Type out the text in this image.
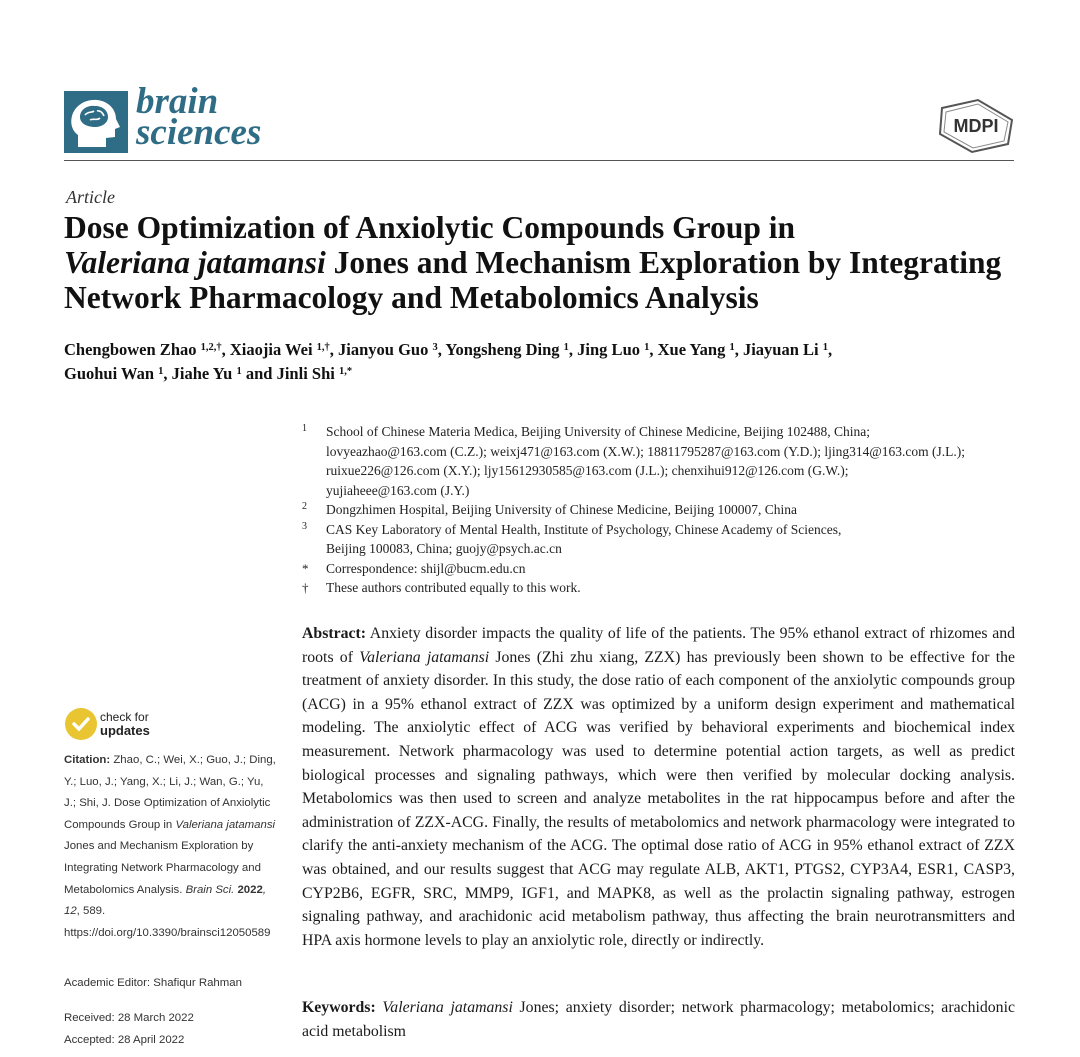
brain
sciences	MDPI
Article
Dose Optimization of Anxiolytic Compounds Group in
Valeriana jatamansi Jones and Mechanism Exploration by Integrating Network Pharmacology and Metabolomics Analysis
Chengbowen Zhao $^{1,2,\dagger}$, Xiaojia Wei $^{1,\dagger}$, Jianyou Guo $^3$, Yongsheng Ding $^1$, Jing Luo $^1$, Xue Yang $^1$, Jiayuan Li $^1$,
Guohui Wan $^1$, Jiahe Yu $^1$ and Jinli Shi $^{1,*}$
1 School of Chinese Materia Medica, Beijing University of Chinese Medicine, Beijing 102488, China;
lovyeazhao@163.com (C.Z.); weixj471@163.com (X.W.); 18811795287@163.com (Y.D.); ljing314@163.com (J.L.);
ruixue226@126.com (X.Y.); ljy15612930585@163.com (J.L.); chenxihui912@126.com (G.W.);
yujiaheee@163.com (J.Y.)
2 Dongzhimen Hospital, Beijing University of Chinese Medicine, Beijing 100007, China
3 CAS Key Laboratory of Mental Health, Institute of Psychology, Chinese Academy of Sciences,
Beijing 100083, China; guojy@psych.ac.cn
* Correspondence: shijl@bucm.edu.cn
† These authors contributed equally to this work.
Abstract: Anxiety disorder impacts the quality of life of the patients. The 95% ethanol extract of rhizomes and roots of Valeriana jatamansi Jones (Zhi zhu xiang, ZZX) has previously been shown to be effective for the treatment of anxiety disorder. In this study, the dose ratio of each component of the anxiolytic compounds group (ACG) in a 95% ethanol extract of ZZX was optimized by a uniform design experiment and mathematical modeling. The anxiolytic effect of ACG was verified by behavioral experiments and biochemical index measurement. Network pharmacology was used to determine potential action targets, as well as predict biological processes and signaling pathways, which were then verified by molecular docking analysis. Metabolomics was then used to screen and analyze metabolites in the rat hippocampus before and after the administration of ZZX-ACG. Finally, the results of metabolomics and network pharmacology were integrated to clarify the anti-anxiety mechanism of the ACG. The optimal dose ratio of ACG in 95% ethanol extract of ZZX was obtained, and our results suggest that ACG may regulate ALB, AKT1, PTGS2, CYP3A4, ESR1, CASP3, CYP2B6, EGFR, SRC, MMP9, IGF1, and MAPK8, as well as the prolactin signaling pathway, estrogen signaling pathway, and arachidonic acid metabolism pathway, thus affecting the brain neurotransmitters and HPA axis hormone levels to play an anxiolytic role, directly or indirectly.
Keywords: Valeriana jatamansi Jones; anxiety disorder; network pharmacology; metabolomics; arachidonic acid metabolism
check for
updates
Citation: Zhao, C.; Wei, X.; Guo, J.; Ding, Y.; Luo, J.; Yang, X.; Li, J.; Wan, G.; Yu, J.; Shi, J. Dose Optimization of Anxiolytic Compounds Group in Valeriana jatamansi Jones and Mechanism Exploration by Integrating Network Pharmacology and Metabolomics Analysis. Brain Sci. 2022, 12, 589. https://doi.org/10.3390/brainsci12050589
Academic Editor: Shafiqur Rahman
Received: 28 March 2022
Accepted: 28 April 2022
